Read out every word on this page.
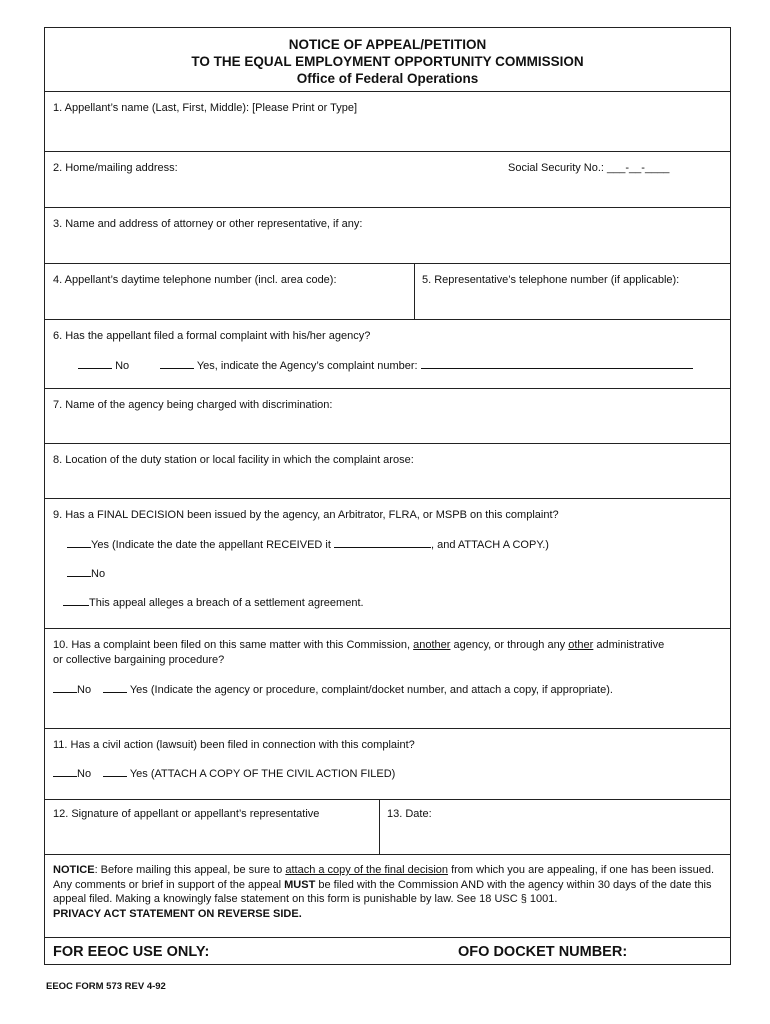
NOTICE OF APPEAL/PETITION
TO THE EQUAL EMPLOYMENT OPPORTUNITY COMMISSION
Office of Federal Operations
1. Appellant’s name (Last, First, Middle): [Please Print or Type]
2. Home/mailing address:	Social Security No.: ___-__-____
3. Name and address of attorney or other representative, if any:
4. Appellant’s daytime telephone number (incl. area code):	5. Representative’s telephone number (if applicable):
6. Has the appellant filed a formal complaint with his/her agency?
No	Yes, indicate the Agency’s complaint number:
7. Name of the agency being charged with discrimination:
8. Location of the duty station or local facility in which the complaint arose:
9. Has a FINAL DECISION been issued by the agency, an Arbitrator, FLRA, or MSPB on this complaint?
Yes (Indicate the date the appellant RECEIVED it	, and ATTACH A COPY.)
No
This appeal alleges a breach of a settlement agreement.
10. Has a complaint been filed on this same matter with this Commission, another agency, or through any other administrative
or collective bargaining procedure?
No	Yes (Indicate the agency or procedure, complaint/docket number, and attach a copy, if appropriate).
11. Has a civil action (lawsuit) been filed in connection with this complaint?
No	Yes (ATTACH A COPY OF THE CIVIL ACTION FILED)
12. Signature of appellant or appellant’s representative	13. Date:
NOTICE: Before mailing this appeal, be sure to attach a copy of the final decision from which you are appealing, if one has been issued. Any comments or brief in support of the appeal MUST be filed with the Commission AND with the agency within 30 days of the date this appeal filed. Making a knowingly false statement on this form is punishable by law. See 18 USC § 1001.
PRIVACY ACT STATEMENT ON REVERSE SIDE.
FOR EEOC USE ONLY:	OFO DOCKET NUMBER:
EEOC FORM 573 REV 4-92
